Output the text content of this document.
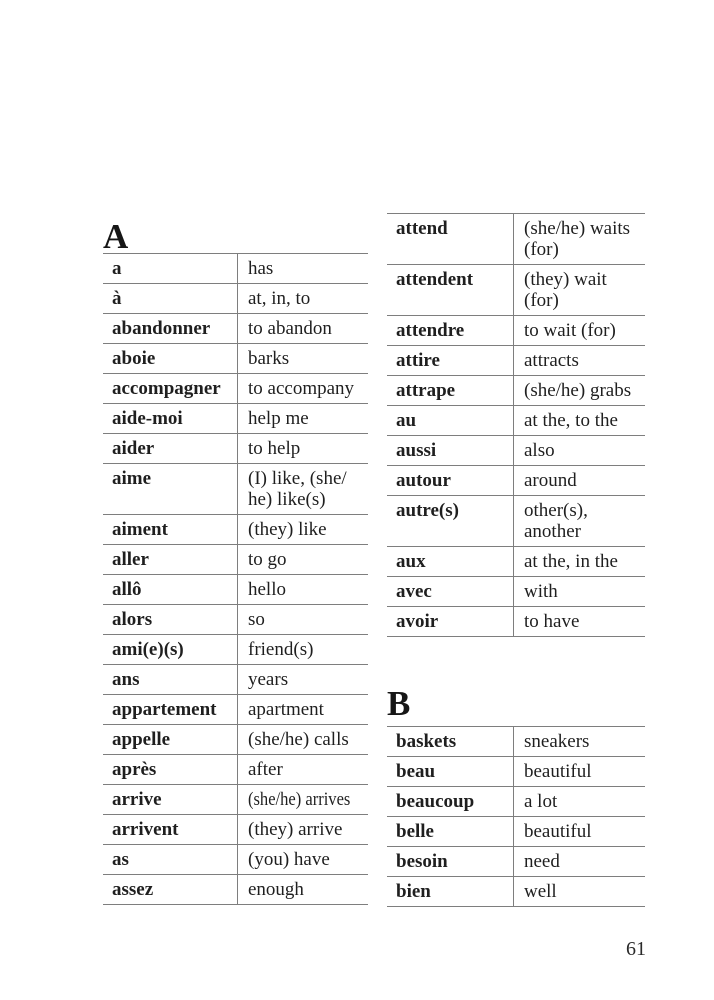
A
a	has
à	at, in, to
abandonner	to abandon
aboie	barks
accompagner	to accompany
aide-moi	help me
aider	to help
aime	(I) like, (she/ he) like(s)
aiment	(they) like
aller	to go
allô	hello
alors	so
ami(e)(s)	friend(s)
ans	years
appartement	apartment
appelle	(she/he) calls
après	after
arrive	(she/he) arrives
arrivent	(they) arrive
as	(you) have
assez	enough
attend	(she/he) waits (for)
attendent	(they) wait (for)
attendre	to wait (for)
attire	attracts
attrape	(she/he) grabs
au	at the, to the
aussi	also
autour	around
autre(s)	other(s), another
aux	at the, in the
avec	with
avoir	to have
B
baskets	sneakers
beau	beautiful
beaucoup	a lot
belle	beautiful
besoin	need
bien	well
61
